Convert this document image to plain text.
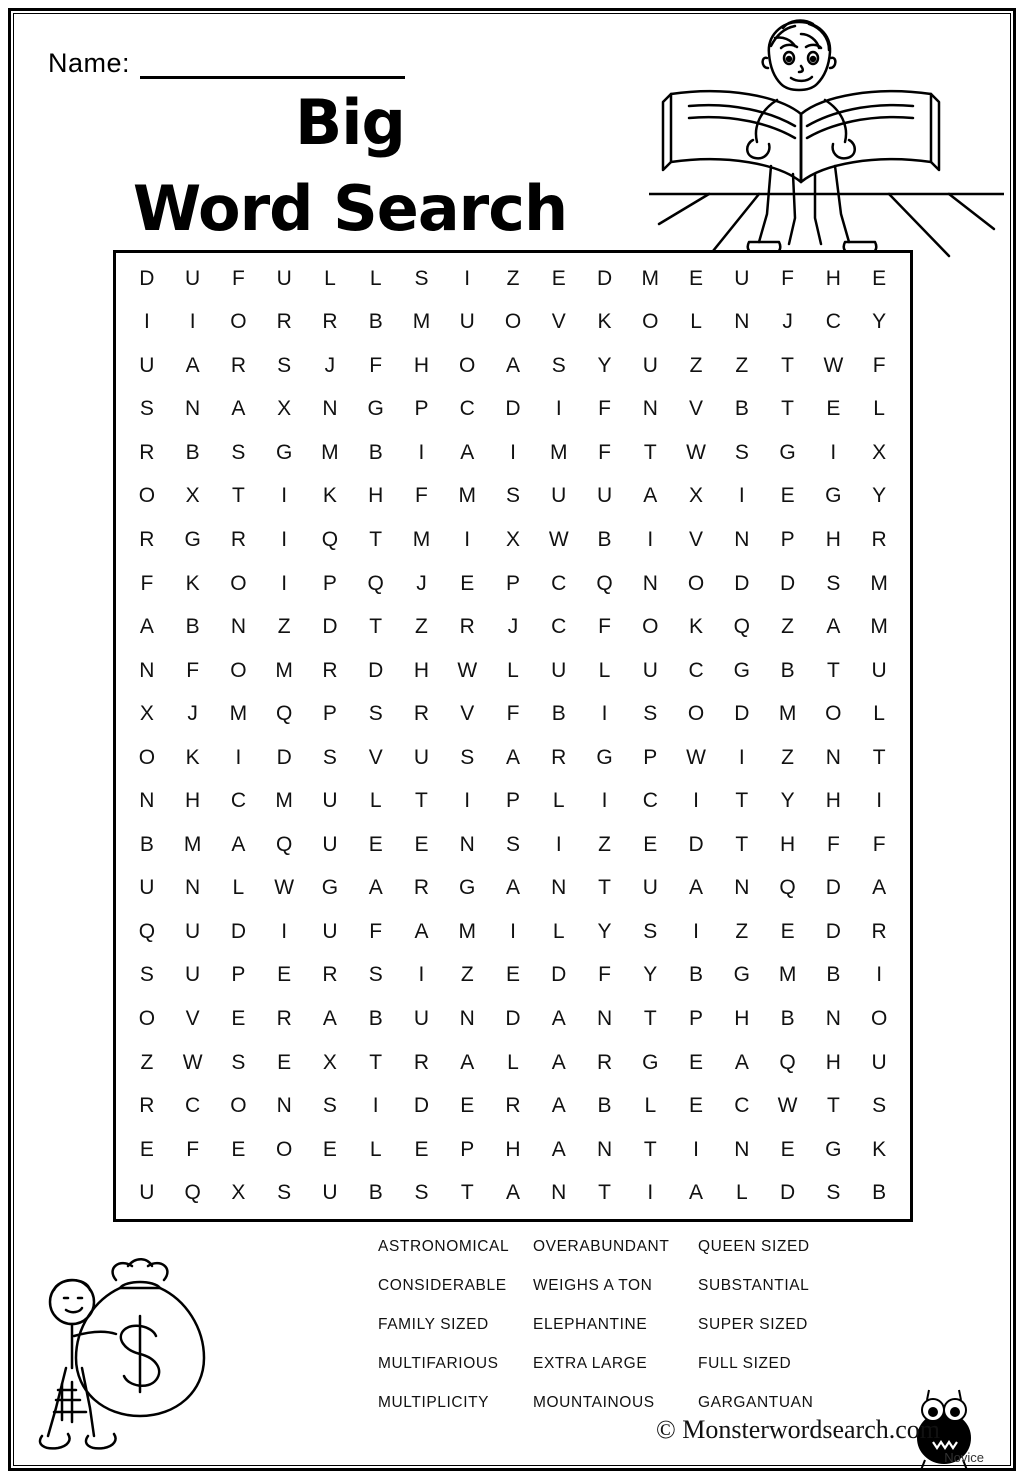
Name:
Big
Word Search
D	U	F	U	L	L	S	I	Z	E	D	M	E	U	F	H	E
I	I	O	R	R	B	M	U	O	V	K	O	L	N	J	C	Y
U	A	R	S	J	F	H	O	A	S	Y	U	Z	Z	T	W	F
S	N	A	X	N	G	P	C	D	I	F	N	V	B	T	E	L
R	B	S	G	M	B	I	A	I	M	F	T	W	S	G	I	X
O	X	T	I	K	H	F	M	S	U	U	A	X	I	E	G	Y
R	G	R	I	Q	T	M	I	X	W	B	I	V	N	P	H	R
F	K	O	I	P	Q	J	E	P	C	Q	N	O	D	D	S	M
A	B	N	Z	D	T	Z	R	J	C	F	O	K	Q	Z	A	M
N	F	O	M	R	D	H	W	L	U	L	U	C	G	B	T	U
X	J	M	Q	P	S	R	V	F	B	I	S	O	D	M	O	L
O	K	I	D	S	V	U	S	A	R	G	P	W	I	Z	N	T
N	H	C	M	U	L	T	I	P	L	I	C	I	T	Y	H	I
B	M	A	Q	U	E	E	N	S	I	Z	E	D	T	H	F	F
U	N	L	W	G	A	R	G	A	N	T	U	A	N	Q	D	A
Q	U	D	I	U	F	A	M	I	L	Y	S	I	Z	E	D	R
S	U	P	E	R	S	I	Z	E	D	F	Y	B	G	M	B	I
O	V	E	R	A	B	U	N	D	A	N	T	P	H	B	N	O
Z	W	S	E	X	T	R	A	L	A	R	G	E	A	Q	H	U
R	C	O	N	S	I	D	E	R	A	B	L	E	C	W	T	S
E	F	E	O	E	L	E	P	H	A	N	T	I	N	E	G	K
U	Q	X	S	U	B	S	T	A	N	T	I	A	L	D	S	B
ASTRONOMICAL	OVERABUNDANT	QUEEN SIZED
CONSIDERABLE	WEIGHS A TON	SUBSTANTIAL
FAMILY SIZED	ELEPHANTINE	SUPER SIZED
MULTIFARIOUS	EXTRA LARGE	FULL SIZED
MULTIPLICITY	MOUNTAINOUS	GARGANTUAN
© Monsterwordsearch.com
Novice
